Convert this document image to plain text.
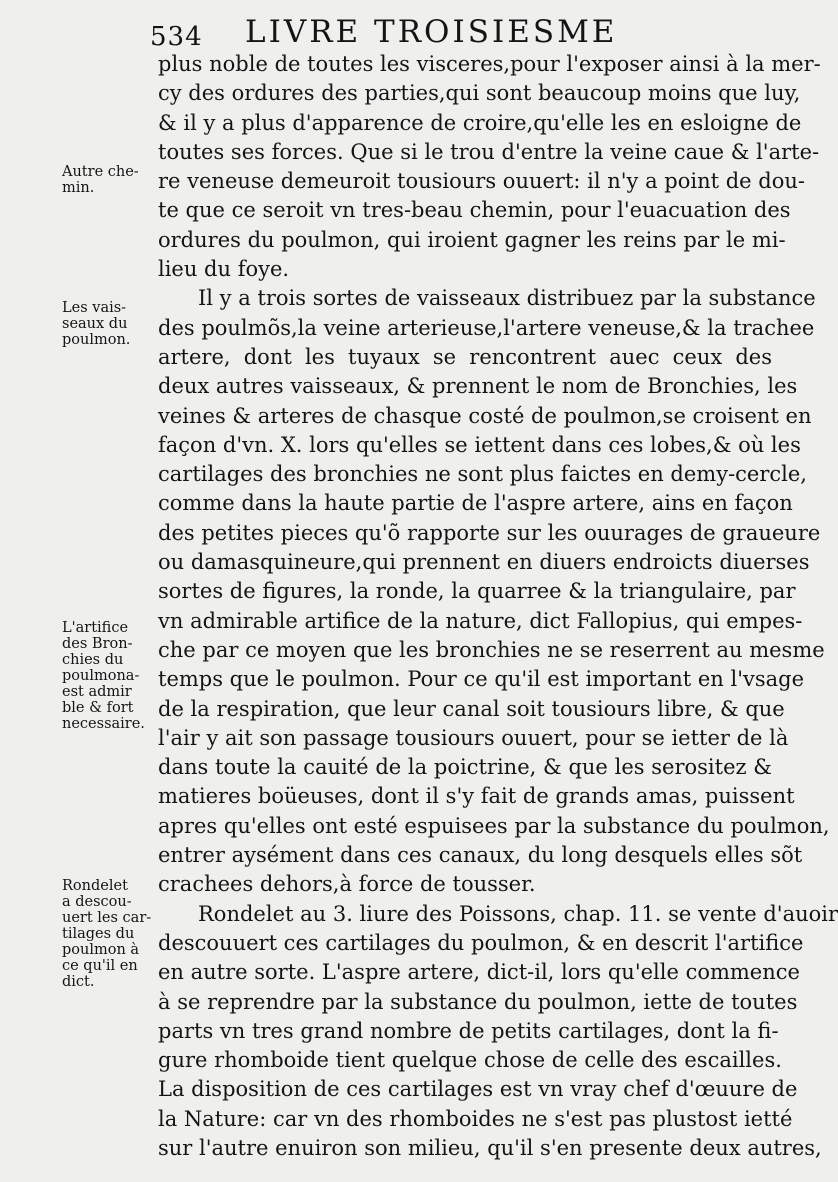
534 LIVRE TROISIESME
plus noble de toutes les visceres,pour l'exposer ainsi à la mer-
cy des ordures des parties,qui sont beaucoup moins que luy,
& il y a plus d'apparence de croire,qu'elle les en esloigne de
toutes ses forces. Que si le trou d'entre la veine caue & l'arte-
re veneuse demeuroit tousiours ouuert: il n'y a point de dou-
te que ce seroit vn tres-beau chemin, pour l'euacuation des
ordures du poulmon, qui iroient gagner les reins par le mi-
lieu du foye.
Il y a trois sortes de vaisseaux distribuez par la substance
des poulmõs,la veine arterieuse,l'artere veneuse,& la trachee
artere, dont les tuyaux se rencontrent auec ceux des
deux autres vaisseaux, & prennent le nom de Bronchies, les
veines & arteres de chasque costé de poulmon,se croisent en
façon d'vn. X. lors qu'elles se iettent dans ces lobes,& où les
cartilages des bronchies ne sont plus faictes en demy-cercle,
comme dans la haute partie de l'aspre artere, ains en façon
des petites pieces qu'õ rapporte sur les ouurages de graueure
ou damasquineure,qui prennent en diuers endroicts diuerses
sortes de figures, la ronde, la quarree & la triangulaire, par
vn admirable artifice de la nature, dict Fallopius, qui empes-
che par ce moyen que les bronchies ne se reserrent au mesme
temps que le poulmon. Pour ce qu'il est important en l'vsage
de la respiration, que leur canal soit tousiours libre, & que
l'air y ait son passage tousiours ouuert, pour se ietter de là
dans toute la cauité de la poictrine, & que les serositez &
matieres boüeuses, dont il s'y fait de grands amas, puissent
apres qu'elles ont esté espuisees par la substance du poulmon,
entrer aysément dans ces canaux, du long desquels elles sõt
crachees dehors,à force de tousser.
Rondelet au 3. liure des Poissons, chap. 11. se vente d'auoir
descouuert ces cartilages du poulmon, & en descrit l'artifice
en autre sorte. L'aspre artere, dict-il, lors qu'elle commence
à se reprendre par la substance du poulmon, iette de toutes
parts vn tres grand nombre de petits cartilages, dont la fi-
gure rhomboide tient quelque chose de celle des escailles.
La disposition de ces cartilages est vn vray chef d'œuure de
la Nature: car vn des rhomboides ne s'est pas plustost ietté
sur l'autre enuiron son milieu, qu'il s'en presente deux autres,
Autre che-
min.
Les vais-
seaux du
poulmon.
L'artifice
des Bron-
chies du
poulmona-
est admir
ble & fort
necessaire.
Rondelet
a descou-
uert les car-
tilages du
poulmon à
ce qu'il en
dict.
